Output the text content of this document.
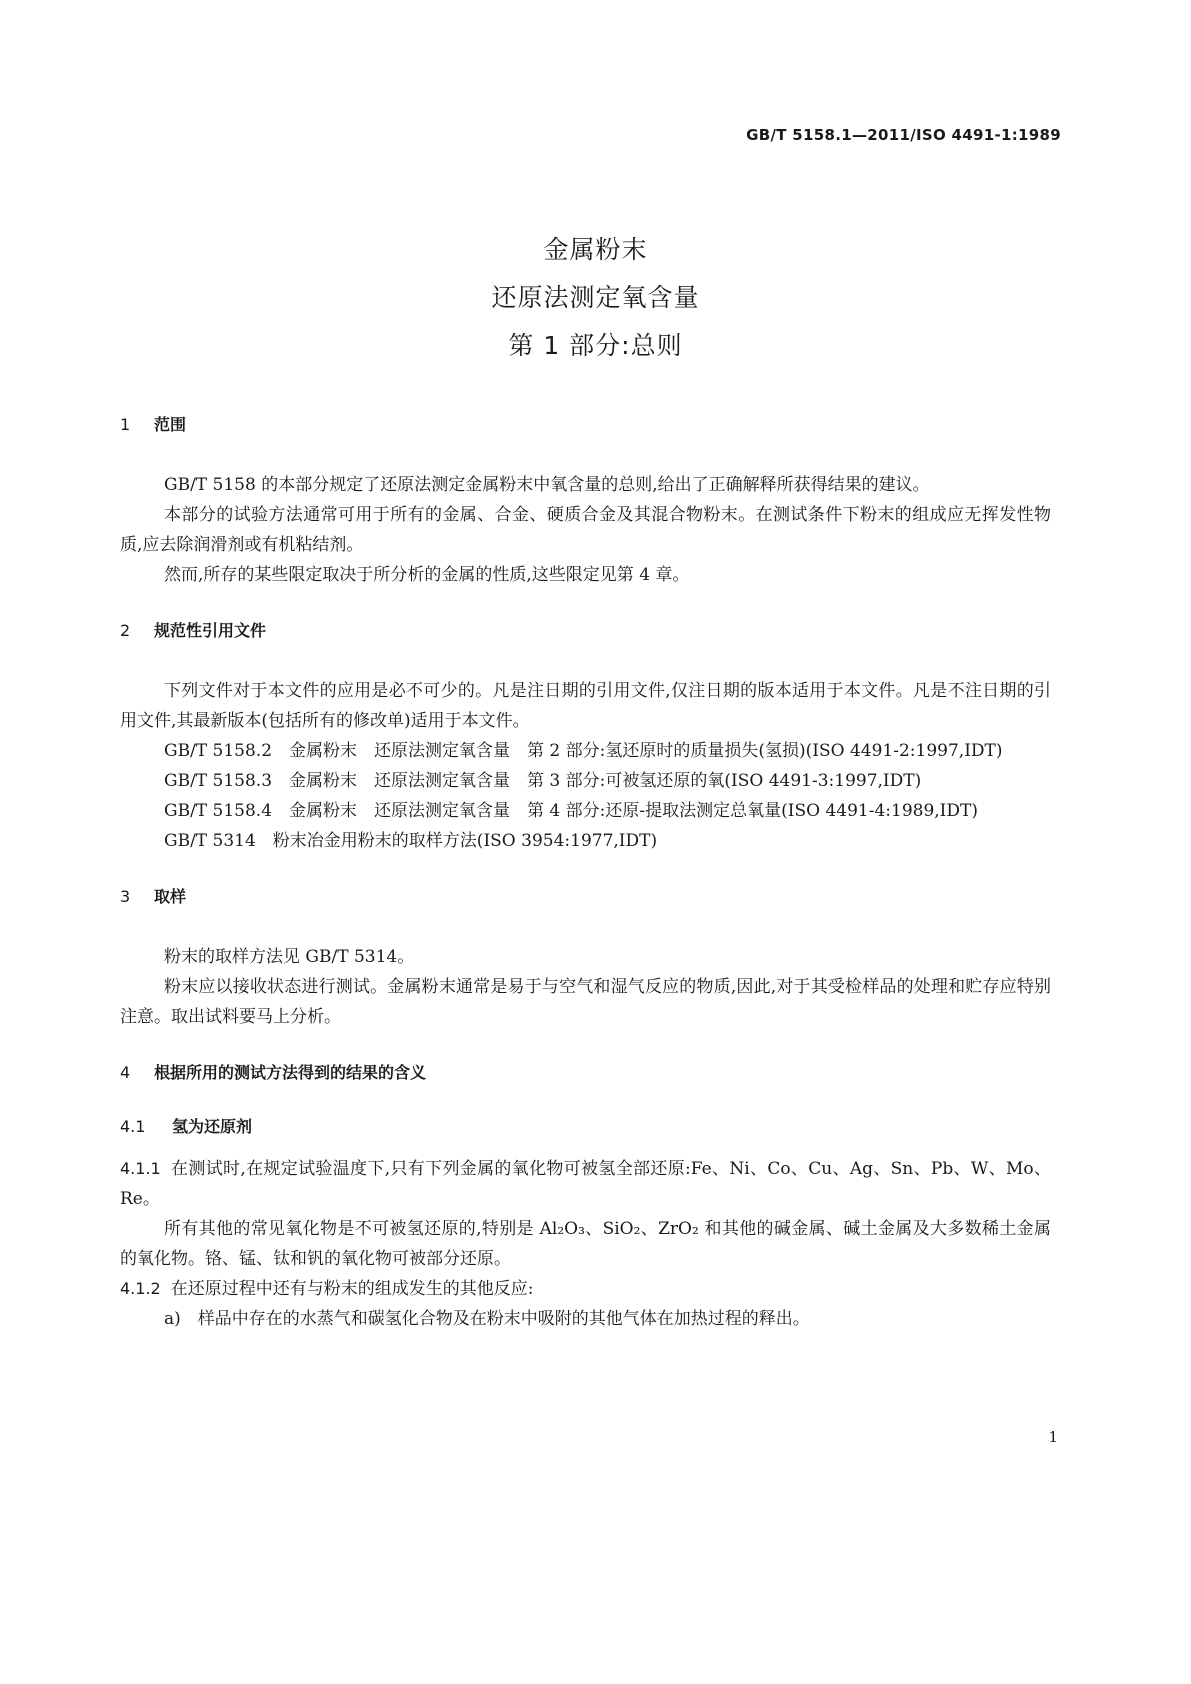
GB/T 5158.1—2011/ISO 4491-1:1989
金属粉末
还原法测定氧含量
第 1 部分:总则
1 范围

GB/T 5158 的本部分规定了还原法测定金属粉末中氧含量的总则,给出了正确解释所获得结果的建议。

本部分的试验方法通常可用于所有的金属、合金、硬质合金及其混合物粉末。在测试条件下粉末的组成应无挥发性物质,应去除润滑剂或有机粘结剂。

然而,所存的某些限定取决于所分析的金属的性质,这些限定见第 4 章。

2 规范性引用文件

下列文件对于本文件的应用是必不可少的。凡是注日期的引用文件,仅注日期的版本适用于本文件。凡是不注日期的引用文件,其最新版本(包括所有的修改单)适用于本文件。

GB/T 5158.2　金属粉末　还原法测定氧含量　第 2 部分:氢还原时的质量损失(氢损)(ISO 4491-2:1997,IDT)

GB/T 5158.3　金属粉末　还原法测定氧含量　第 3 部分:可被氢还原的氧(ISO 4491-3:1997,IDT)

GB/T 5158.4　金属粉末　还原法测定氧含量　第 4 部分:还原-提取法测定总氧量(ISO 4491-4:1989,IDT)

GB/T 5314　粉末冶金用粉末的取样方法(ISO 3954:1977,IDT)

3 取样

粉末的取样方法见 GB/T 5314。

粉末应以接收状态进行测试。金属粉末通常是易于与空气和湿气反应的物质,因此,对于其受检样品的处理和贮存应特别注意。取出试料要马上分析。

4 根据所用的测试方法得到的结果的含义
4.1 氢为还原剂

4.1.1 在测试时,在规定试验温度下,只有下列金属的氧化物可被氢全部还原:Fe、Ni、Co、Cu、Ag、Sn、Pb、W、Mo、Re。

所有其他的常见氧化物是不可被氢还原的,特别是 Al₂O₃、SiO₂、ZrO₂ 和其他的碱金属、碱土金属及大多数稀土金属的氧化物。铬、锰、钛和钒的氧化物可被部分还原。

4.1.2 在还原过程中还有与粉末的组成发生的其他反应:

a)　样品中存在的水蒸气和碳氢化合物及在粉末中吸附的其他气体在加热过程的释出。

1
